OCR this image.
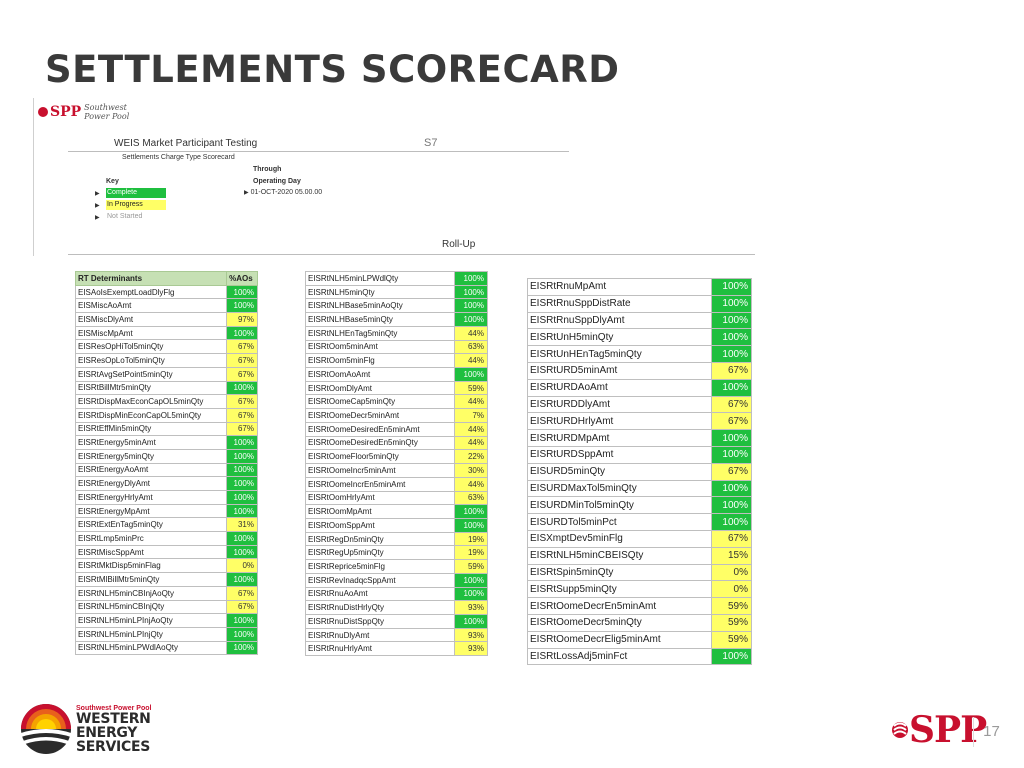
SETTLEMENTS SCORECARD
SPP Southwest
Power Pool
WEIS Market Participant Testing	S7
Settlements Charge Type Scorecard
Key
▶	Complete
▶	In Progress
▶	Not Started
Through
Operating Day
▶ 01-OCT-2020 05.00.00
Roll-Up
RT Determinants	%AOs
EISAoIsExemptLoadDlyFlg	100%
EISMiscAoAmt	100%
EISMiscDlyAmt	97%
EISMiscMpAmt	100%
EISResOpHiTol5minQty	67%
EISResOpLoTol5minQty	67%
EISRtAvgSetPoint5minQty	67%
EISRtBillMtr5minQty	100%
EISRtDispMaxEconCapOL5minQty	67%
EISRtDispMinEconCapOL5minQty	67%
EISRtEffMin5minQty	67%
EISRtEnergy5minAmt	100%
EISRtEnergy5minQty	100%
EISRtEnergyAoAmt	100%
EISRtEnergyDlyAmt	100%
EISRtEnergyHrlyAmt	100%
EISRtEnergyMpAmt	100%
EISRtExtEnTag5minQty	31%
EISRtLmp5minPrc	100%
EISRtMiscSppAmt	100%
EISRtMktDisp5minFlag	0%
EISRtMlBillMtr5minQty	100%
EISRtNLH5minCBInjAoQty	67%
EISRtNLH5minCBInjQty	67%
EISRtNLH5minLPInjAoQty	100%
EISRtNLH5minLPInjQty	100%
EISRtNLH5minLPWdlAoQty	100%
EISRtNLH5minLPWdlQty	100%
EISRtNLH5minQty	100%
EISRtNLHBase5minAoQty	100%
EISRtNLHBase5minQty	100%
EISRtNLHEnTag5minQty	44%
EISRtOom5minAmt	63%
EISRtOom5minFlg	44%
EISRtOomAoAmt	100%
EISRtOomDlyAmt	59%
EISRtOomeCap5minQty	44%
EISRtOomeDecr5minAmt	7%
EISRtOomeDesiredEn5minAmt	44%
EISRtOomeDesiredEn5minQty	44%
EISRtOomeFloor5minQty	22%
EISRtOomeIncr5minAmt	30%
EISRtOomeIncrEn5minAmt	44%
EISRtOomHrlyAmt	63%
EISRtOomMpAmt	100%
EISRtOomSppAmt	100%
EISRtRegDn5minQty	19%
EISRtRegUp5minQty	19%
EISRtReprice5minFlg	59%
EISRtRevInadqcSppAmt	100%
EISRtRnuAoAmt	100%
EISRtRnuDistHrlyQty	93%
EISRtRnuDistSppQty	100%
EISRtRnuDlyAmt	93%
EISRtRnuHrlyAmt	93%
EISRtRnuMpAmt	100%
EISRtRnuSppDistRate	100%
EISRtRnuSppDlyAmt	100%
EISRtUnH5minQty	100%
EISRtUnHEnTag5minQty	100%
EISRtURD5minAmt	67%
EISRtURDAoAmt	100%
EISRtURDDlyAmt	67%
EISRtURDHrlyAmt	67%
EISRtURDMpAmt	100%
EISRtURDSppAmt	100%
EISURD5minQty	67%
EISURDMaxTol5minQty	100%
EISURDMinTol5minQty	100%
EISURDTol5minPct	100%
EISXmptDev5minFlg	67%
EISRtNLH5minCBEISQty	15%
EISRtSpin5minQty	0%
EISRtSupp5minQty	0%
EISRtOomeDecrEn5minAmt	59%
EISRtOomeDecr5minQty	59%
EISRtOomeDecrElig5minAmt	59%
EISRtLossAdj5minFct	100%
Southwest Power Pool
WESTERN
ENERGY
SERVICES	SPP
17
